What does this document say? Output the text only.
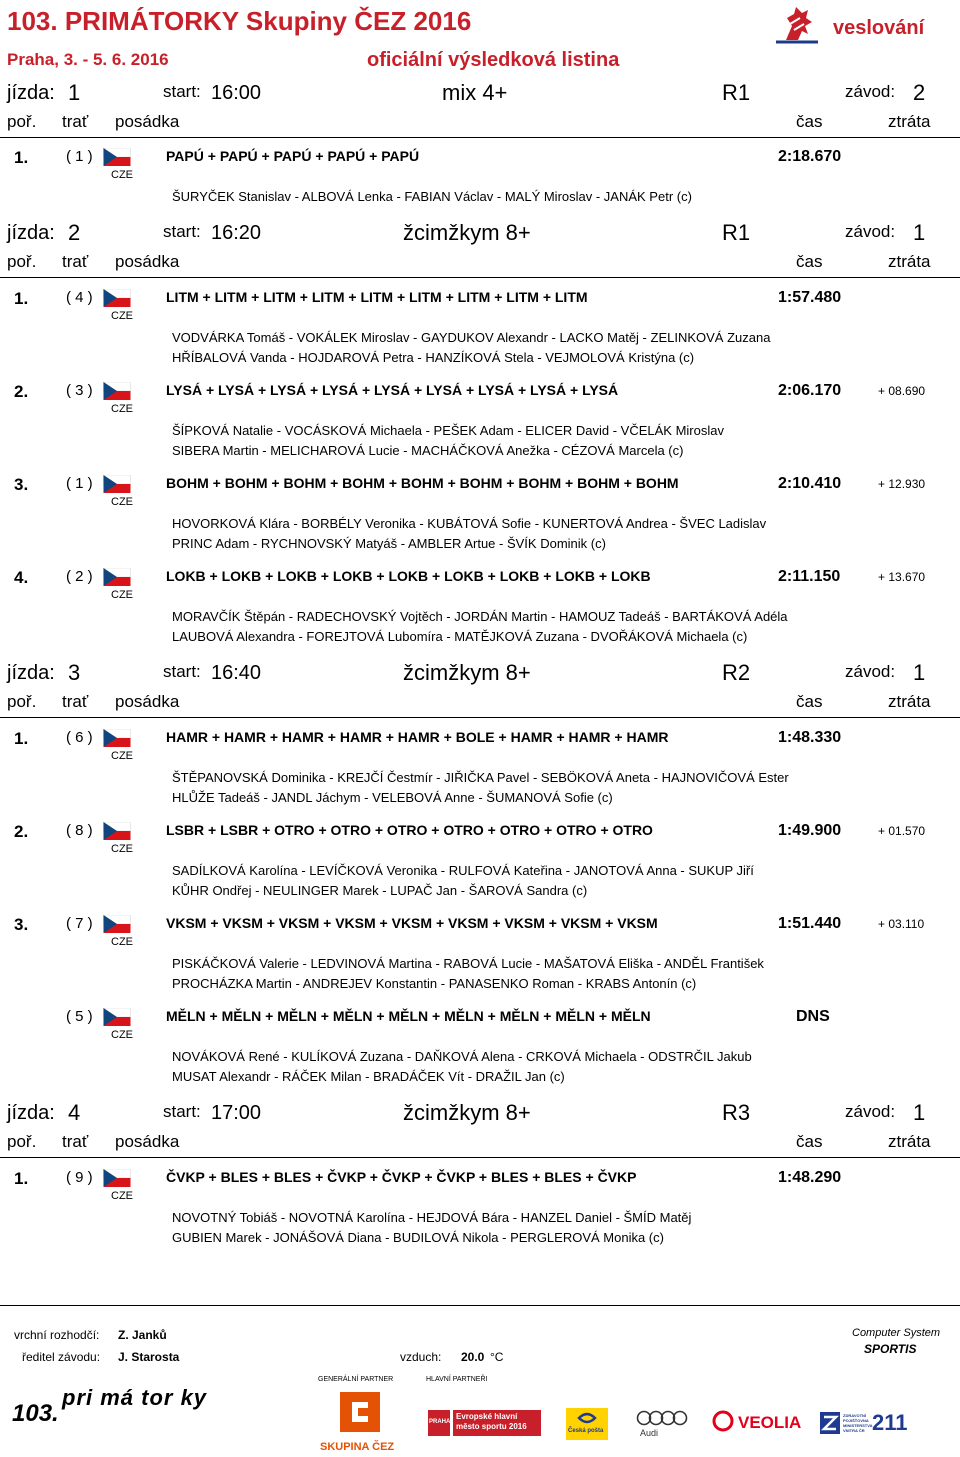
103. PRIMÁTORKY Skupiny ČEZ 2016
Praha, 3. - 5. 6. 2016	oficiální výsledková listina
veslování
jízda: 1	start: 16:00	mix 4+	R1	závod: 2
poř. trať posádka	čas	ztráta
1.	( 1 )
CZE
PAPÚ + PAPÚ + PAPÚ + PAPÚ + PAPÚ	2:18.670
ŠURYČEK Stanislav - ALBOVÁ Lenka - FABIAN Václav - MALÝ Miroslav - JANÁK Petr (c)
jízda: 2	start: 16:20	žcimžkym 8+	R1	závod: 1
poř. trať posádka	čas	ztráta
1.	( 4 )
CZE
LITM + LITM + LITM + LITM + LITM + LITM + LITM + LITM + LITM	1:57.480
VODVÁRKA Tomáš - VOKÁLEK Miroslav - GAYDUKOV Alexandr - LACKO Matěj - ZELINKOVÁ Zuzana
HŘÍBALOVÁ Vanda - HOJDAROVÁ Petra - HANZÍKOVÁ Stela - VEJMOLOVÁ Kristýna (c)
2.	( 3 )
CZE
LYSÁ + LYSÁ + LYSÁ + LYSÁ + LYSÁ + LYSÁ + LYSÁ + LYSÁ + LYSÁ	2:06.170	+ 08.690
ŠÍPKOVÁ Natalie - VOCÁSKOVÁ Michaela - PEŠEK Adam - ELICER David - VČELÁK Miroslav
SIBERA Martin - MELICHAROVÁ Lucie - MACHÁČKOVÁ Anežka - CÉZOVÁ Marcela (c)
3.	( 1 )
CZE
BOHM + BOHM + BOHM + BOHM + BOHM + BOHM + BOHM + BOHM + BOHM	2:10.410	+ 12.930
HOVORKOVÁ Klára - BORBÉLY Veronika - KUBÁTOVÁ Sofie - KUNERTOVÁ Andrea - ŠVEC Ladislav
PRINC Adam - RYCHNOVSKÝ Matyáš - AMBLER Artue - ŠVÍK Dominik (c)
4.	( 2 )
CZE
LOKB + LOKB + LOKB + LOKB + LOKB + LOKB + LOKB + LOKB + LOKB	2:11.150	+ 13.670
MORAVČÍK Štěpán - RADECHOVSKÝ Vojtěch - JORDÁN Martin - HAMOUZ Tadeáš - BARTÁKOVÁ Adéla
LAUBOVÁ Alexandra - FOREJTOVÁ Lubomíra - MATĚJKOVÁ Zuzana - DVOŘÁKOVÁ Michaela (c)
jízda: 3	start: 16:40	žcimžkym 8+	R2	závod: 1
poř. trať posádka	čas	ztráta
1.	( 6 )
CZE
HAMR + HAMR + HAMR + HAMR + HAMR + BOLE + HAMR + HAMR + HAMR	1:48.330
ŠTĚPANOVSKÁ Dominika - KREJČÍ Čestmír - JIŘIČKA Pavel - SEBÖKOVÁ Aneta - HAJNOVIČOVÁ Ester
HLŮŽE Tadeáš - JANDL Jáchym - VELEBOVÁ Anne - ŠUMANOVÁ Sofie (c)
2.	( 8 )
CZE
LSBR + LSBR + OTRO + OTRO + OTRO + OTRO + OTRO + OTRO + OTRO	1:49.900	+ 01.570
SADÍLKOVÁ Karolína - LEVÍČKOVÁ Veronika - RULFOVÁ Kateřina - JANOTOVÁ Anna - SUKUP Jiří
KŮHR Ondřej - NEULINGER Marek - LUPAČ Jan - ŠAROVÁ Sandra (c)
3.	( 7 )
CZE
VKSM + VKSM + VKSM + VKSM + VKSM + VKSM + VKSM + VKSM + VKSM	1:51.440	+ 03.110
PISKÁČKOVÁ Valerie - LEDVINOVÁ Martina - RABOVÁ Lucie - MAŠATOVÁ Eliška - ANDĚL František
PROCHÁZKA Martin - ANDREJEV Konstantin - PANASENKO Roman - KRABS Antonín (c)
( 5 )
CZE
MĚLN + MĚLN + MĚLN + MĚLN + MĚLN + MĚLN + MĚLN + MĚLN + MĚLN	DNS
NOVÁKOVÁ René - KULÍKOVÁ Zuzana - DAŇKOVÁ Alena - CRKOVÁ Michaela - ODSTRČIL Jakub
MUSAT Alexandr - RÁČEK Milan - BRADÁČEK Vít - DRAŽIL Jan (c)
jízda: 4	start: 17:00	žcimžkym 8+	R3	závod: 1
poř. trať posádka	čas	ztráta
1.	( 9 )
CZE
ČVKP + BLES + BLES + ČVKP + ČVKP + ČVKP + BLES + BLES + ČVKP	1:48.290
NOVOTNÝ Tobiáš - NOVOTNÁ Karolína - HEJDOVÁ Bára - HANZEL Daniel - ŠMÍD Matěj
GUBIEN Marek - JONÁŠOVÁ Diana - BUDILOVÁ Nikola - PERGLEROVÁ Monika (c)
vrchní rozhodčí: Z. Janků
ředitel závodu: J. Starosta	vzduch: 20.0 °C
Computer System
SPORTIS
GENERÁLNÍ PARTNER	HLAVNÍ PARTNEŘI
103.
pri má tor ky
SKUPINA ČEZ
PRAHA
Evropské hlavní město sportu 2016	Česká pošta	Audi
VEOLIA	ZDRAVOTNÍ POJIŠŤOVNA MINISTERSTVA VNITRA ČR 211
